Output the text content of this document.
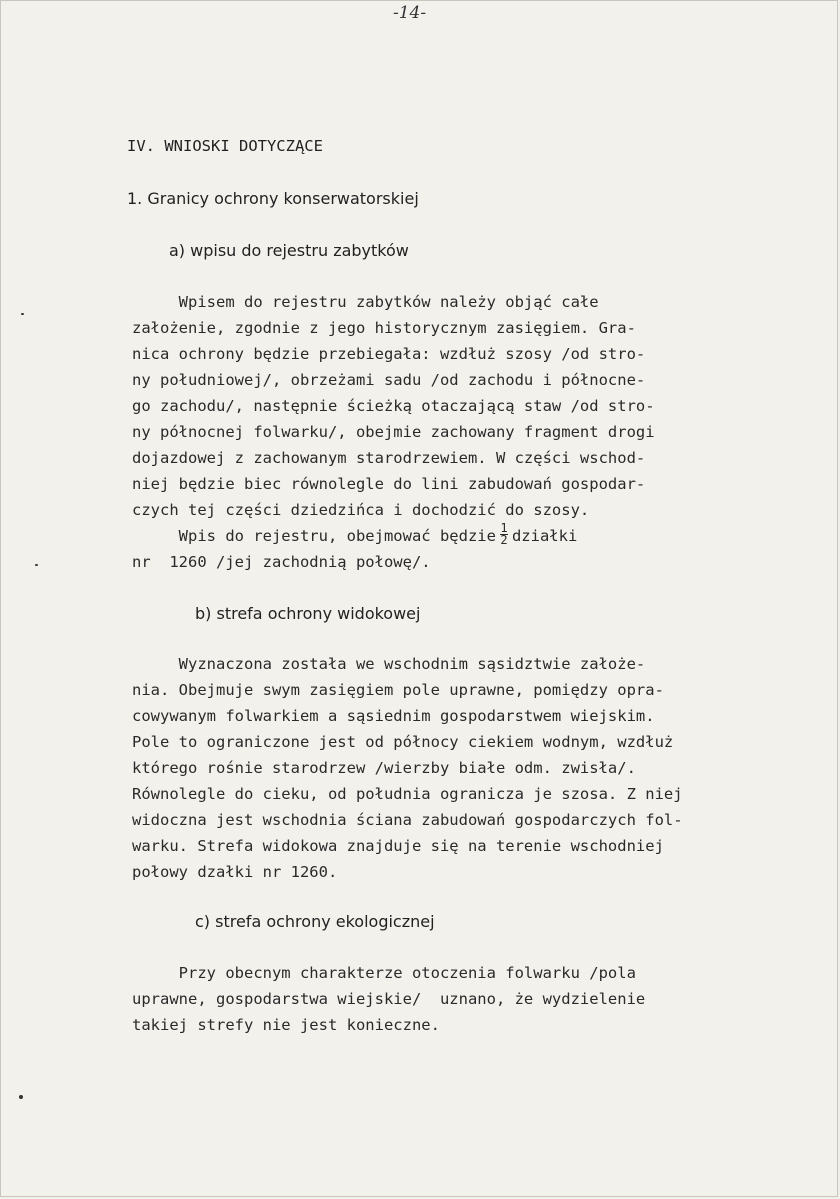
-14-
IV. WNIOSKI DOTYCZĄCE
1. Granicy ochrony konserwatorskiej
a) wpisu do rejestru zabytków
Wpisem do rejestru zabytków należy objąć całe
założenie, zgodnie z jego historycznym zasięgiem. Gra-
nica ochrony będzie przebiegała: wzdłuż szosy /od stro-
ny południowej/, obrzeżami sadu /od zachodu i północne-
go zachodu/, następnie ścieżką otaczającą staw /od stro-
ny północnej folwarku/, obejmie zachowany fragment drogi
dojazdowej z zachowanym starodrzewiem. W części wschod-
niej będzie biec równolegle do lini zabudowań gospodar-
czych tej części dziedzińca i dochodzić do szosy.
Wpis do rejestru, obejmować będzie $\frac{1}{2}$ działki
nr  1260 /jej zachodnią połowę/.
b) strefa ochrony widokowej
Wyznaczona została we wschodnim sąsidztwie założe-
nia. Obejmuje swym zasięgiem pole uprawne, pomiędzy opra-
cowywanym folwarkiem a sąsiednim gospodarstwem wiejskim.
Pole to ograniczone jest od północy ciekiem wodnym, wzdłuż
którego rośnie starodrzew /wierzby białe odm. zwisła/.
Równolegle do cieku, od południa ogranicza je szosa. Z niej
widoczna jest wschodnia ściana zabudowań gospodarczych fol-
warku. Strefa widokowa znajduje się na terenie wschodniej
połowy dzałki nr 1260.
c) strefa ochrony ekologicznej
Przy obecnym charakterze otoczenia folwarku /pola
uprawne, gospodarstwa wiejskie/  uznano, że wydzielenie
takiej strefy nie jest konieczne.
